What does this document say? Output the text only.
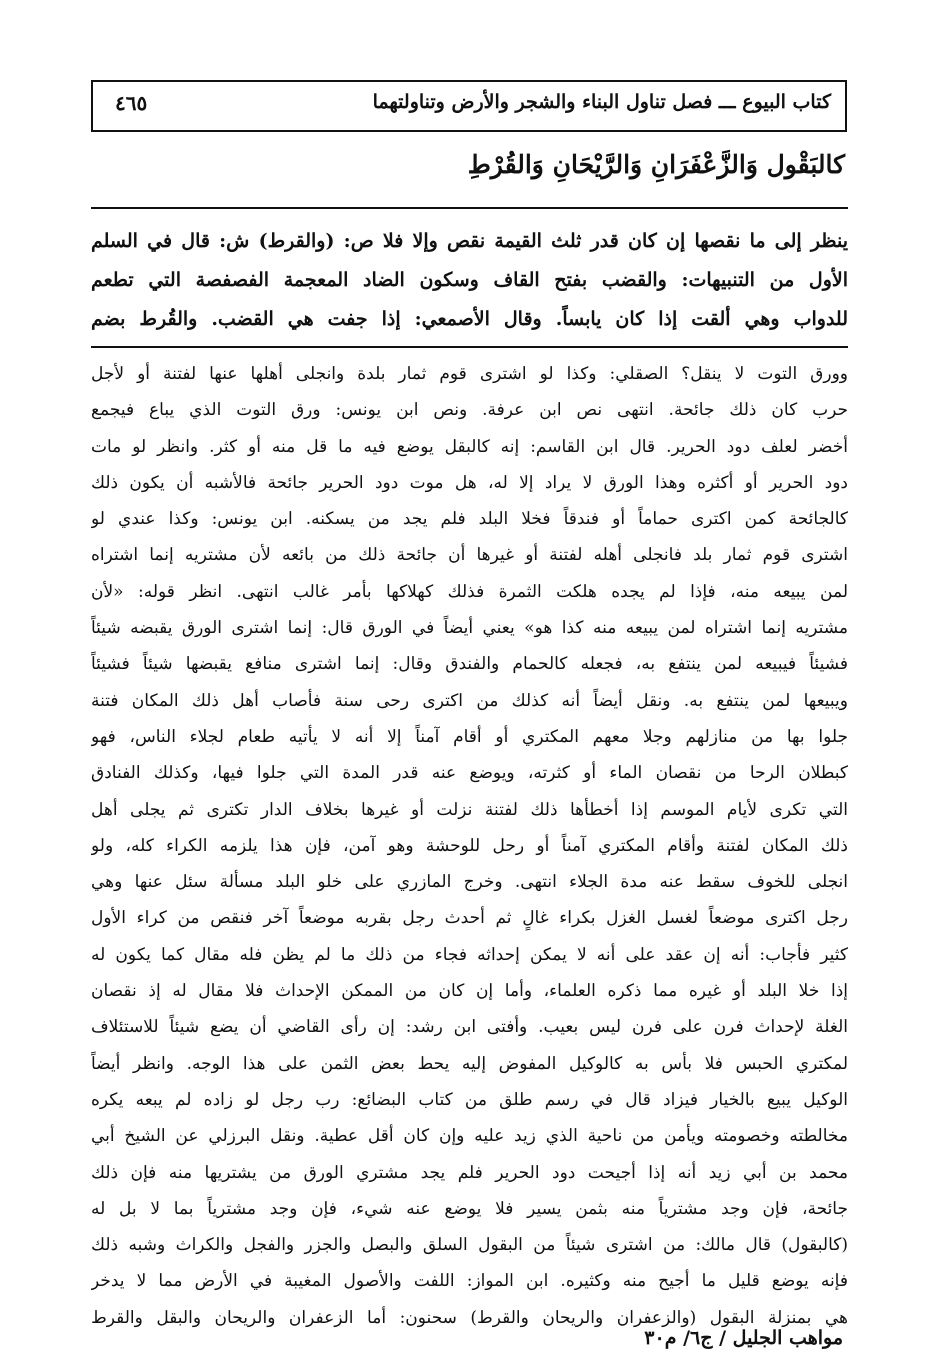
كتاب البيوع ـــ فصل تناول البناء والشجر والأرض وتناولتهما
٤٦٥
كالبَقْول وَالزَّعْفَرَانِ وَالرَّيْحَانِ وَالقُرْطِ
ينظر إلى ما نقصها إن كان قدر ثلث القيمة نقص وإلا فلا ص: (والقرط) ش: قال في السلم
الأول من التنبيهات: والقضب بفتح القاف وسكون الضاد المعجمة الفصفصة التي تطعم
للدواب وهي ألقت إذا كان يابساً. وقال الأصمعي: إذا جفت هي القضب. والقُرط بضم
وورق التوت لا ينقل؟ الصقلي: وكذا لو اشترى قوم ثمار بلدة وانجلى أهلها عنها لفتنة أو لأجل
حرب كان ذلك جائحة. انتهى نص ابن عرفة. ونص ابن يونس: ورق التوت الذي يباع فيجمع
أخضر لعلف دود الحرير. قال ابن القاسم: إنه كالبقل يوضع فيه ما قل منه أو كثر. وانظر لو مات
دود الحرير أو أكثره وهذا الورق لا يراد إلا له، هل موت دود الحرير جائحة فالأشبه أن يكون ذلك
كالجائحة كمن اكترى حماماً أو فندقاً فخلا البلد فلم يجد من يسكنه. ابن يونس: وكذا عندي لو
اشترى قوم ثمار بلد فانجلى أهله لفتنة أو غيرها أن جائحة ذلك من بائعه لأن مشتريه إنما اشتراه
لمن يبيعه منه، فإذا لم يجده هلكت الثمرة فذلك كهلاكها بأمر غالب انتهى. انظر قوله: «لأن
مشتريه إنما اشتراه لمن يبيعه منه كذا هو» يعني أيضاً في الورق قال: إنما اشترى الورق يقبضه شيئاً
فشيئاً فيبيعه لمن ينتفع به، فجعله كالحمام والفندق وقال: إنما اشترى منافع يقبضها شيئاً فشيئاً
ويبيعها لمن ينتفع به. ونقل أيضاً أنه كذلك من اكترى رحى سنة فأصاب أهل ذلك المكان فتنة
جلوا بها من منازلهم وجلا معهم المكتري أو أقام آمناً إلا أنه لا يأتيه طعام لجلاء الناس، فهو
كبطلان الرحا من نقصان الماء أو كثرته، ويوضع عنه قدر المدة التي جلوا فيها، وكذلك الفنادق
التي تكرى لأيام الموسم إذا أخطأها ذلك لفتنة نزلت أو غيرها بخلاف الدار تكترى ثم يجلى أهل
ذلك المكان لفتنة وأقام المكتري آمناً أو رحل للوحشة وهو آمن، فإن هذا يلزمه الكراء كله، ولو
انجلى للخوف سقط عنه مدة الجلاء انتهى. وخرج المازري على خلو البلد مسألة سئل عنها وهي
رجل اكترى موضعاً لغسل الغزل بكراء غالٍ ثم أحدث رجل بقربه موضعاً آخر فنقص من كراء الأول
كثير فأجاب: أنه إن عقد على أنه لا يمكن إحداثه فجاء من ذلك ما لم يظن فله مقال كما يكون له
إذا خلا البلد أو غيره مما ذكره العلماء، وأما إن كان من الممكن الإحداث فلا مقال له إذ نقصان
الغلة لإحداث فرن على فرن ليس بعيب. وأفتى ابن رشد: إن رأى القاضي أن يضع شيئاً للاستئلاف
لمكتري الحبس فلا بأس به كالوكيل المفوض إليه يحط بعض الثمن على هذا الوجه. وانظر أيضاً
الوكيل يبيع بالخيار فيزاد قال في رسم طلق من كتاب البضائع: رب رجل لو زاده لم يبعه يكره
مخالطته وخصومته ويأمن من ناحية الذي زيد عليه وإن كان أقل عطية. ونقل البرزلي عن الشيخ أبي
محمد بن أبي زيد أنه إذا أجيحت دود الحرير فلم يجد مشتري الورق من يشتريها منه فإن ذلك
جائحة، فإن وجد مشترياً منه بثمن يسير فلا يوضع عنه شيء، فإن وجد مشترياً بما لا بل له
(كالبقول) قال مالك: من اشترى شيئاً من البقول السلق والبصل والجزر والفجل والكراث وشبه ذلك
فإنه يوضع قليل ما أجيح منه وكثيره. ابن المواز: اللفت والأصول المغيبة في الأرض مما لا يدخر
هي بمنزلة البقول (والزعفران والريحان والقرط) سحنون: أما الزعفران والريحان والبقل والقرط
مواهب الجليل / ج٦/ م٣٠
